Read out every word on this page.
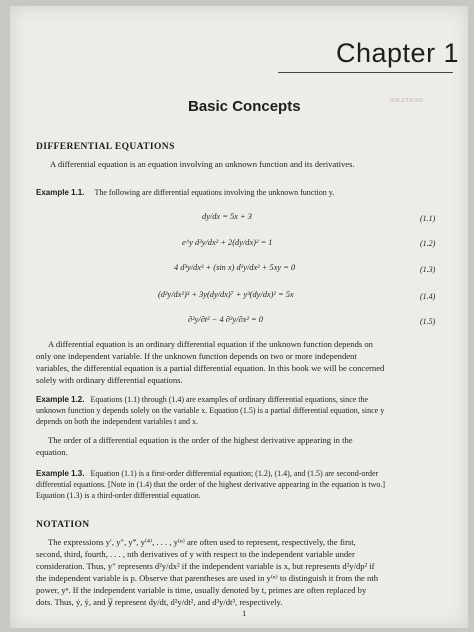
SOLUTIONS
Chapter 1
Basic Concepts
DIFFERENTIAL EQUATIONS
A differential equation is an equation involving an unknown function and its derivatives.
Example 1.1. The following are differential equations involving the unknown function y.
dy/dx = 5x + 3	(1.1)
e^y d²y/dx² + 2(dy/dx)² = 1	(1.2)
4 d³y/dx³ + (sin x) d²y/dx² + 5xy = 0	(1.3)
(d²y/dx²)³ + 3y(dy/dx)⁷ + y³(dy/dx)² = 5x	(1.4)
∂²y/∂t² − 4 ∂²y/∂x² = 0	(1.5)
A differential equation is an ordinary differential equation if the unknown function depends on
only one independent variable. If the unknown function depends on two or more independent
variables, the differential equation is a partial differential equation. In this book we will be concerned
solely with ordinary differential equations.
Example 1.2. Equations (1.1) through (1.4) are examples of ordinary differential equations, since the
unknown function y depends solely on the variable x. Equation (1.5) is a partial differential equation, since y
depends on both the independent variables t and x.
The order of a differential equation is the order of the highest derivative appearing in the
equation.
Example 1.3. Equation (1.1) is a first-order differential equation; (1.2), (1.4), and (1.5) are second-order
differential equations. [Note in (1.4) that the order of the highest derivative appearing in the equation is two.]
Equation (1.3) is a third-order differential equation.
NOTATION
The expressions y′, y″, y‴, y⁽⁴⁾, . . . , y⁽ⁿ⁾ are often used to represent, respectively, the first,
second, third, fourth, . . . , nth derivatives of y with respect to the independent variable under
consideration. Thus, y″ represents d²y/dx² if the independent variable is x, but represents d²y/dp² if
the independent variable is p. Observe that parentheses are used in y⁽ⁿ⁾ to distinguish it from the nth
power, yⁿ. If the independent variable is time, usually denoted by t, primes are often replaced by
dots. Thus, ẏ, ÿ, and y⃛ represent dy/dt, d²y/dt², and d³y/dt³, respectively.
1
